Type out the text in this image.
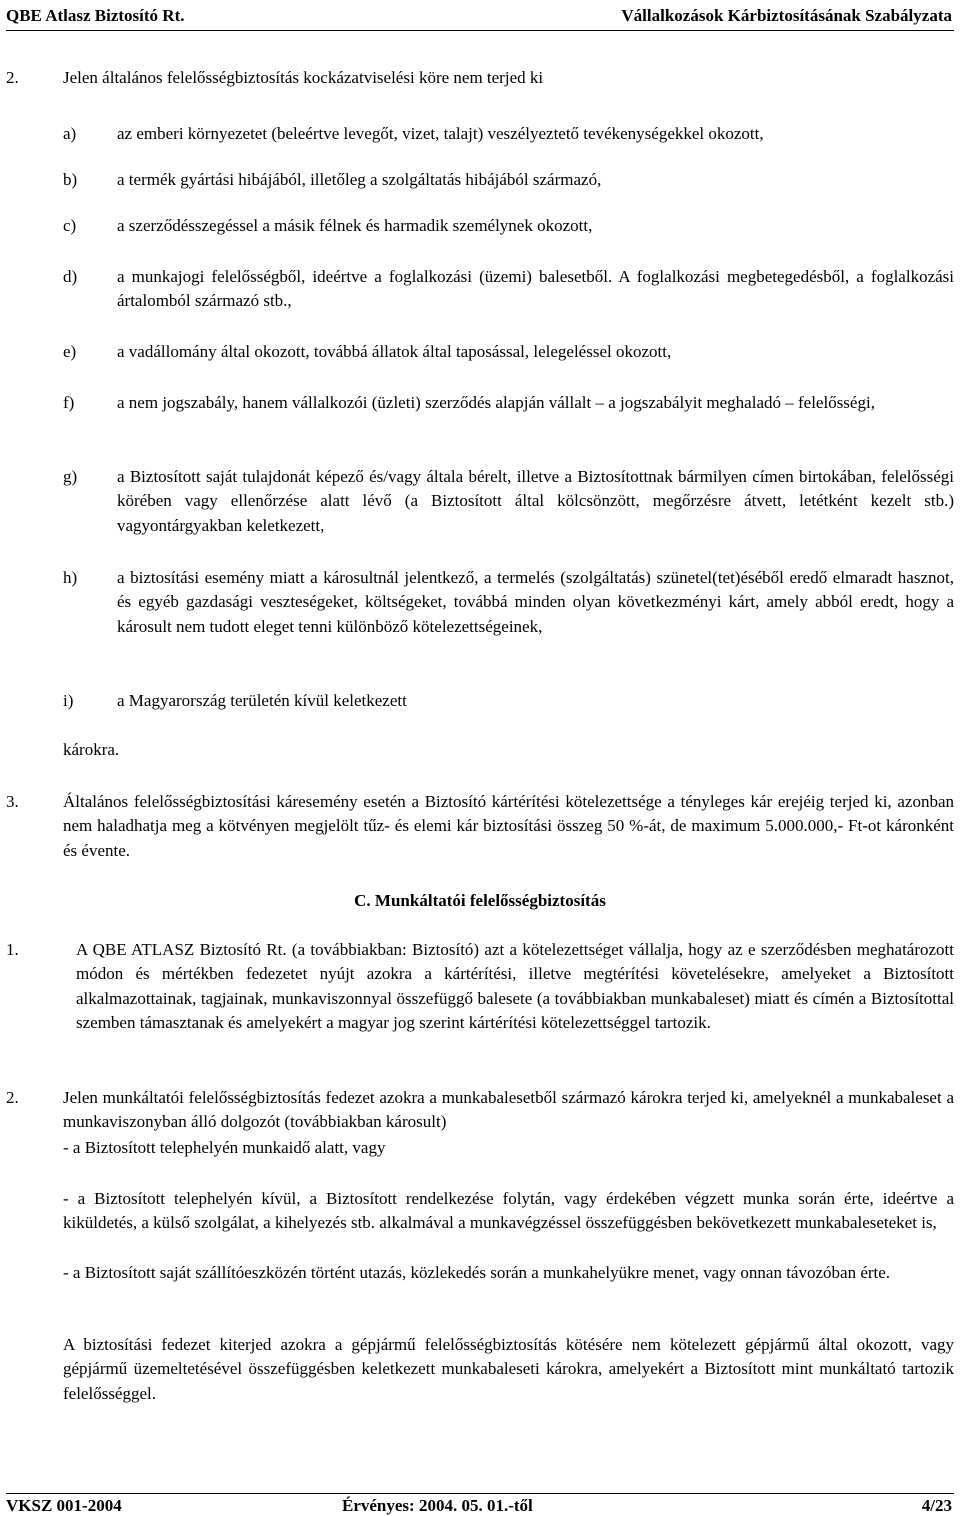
QBE Atlasz Biztosító Rt.	Vállalkozások Kárbiztosításának Szabályzata
2.	Jelen általános felelősségbiztosítás kockázatviselési köre nem terjed ki
a) az emberi környezetet (beleértve levegőt, vizet, talajt) veszélyeztető tevékenységekkel okozott,
b) a termék gyártási hibájából, illetőleg a szolgáltatás hibájából származó,
c) a szerződésszegéssel a másik félnek és harmadik személynek okozott,
d) a munkajogi felelősségből, ideértve a foglalkozási (üzemi) balesetből. A foglalkozási megbetegedésből, a foglalkozási ártalomból származó stb.,
e) a vadállomány által okozott, továbbá állatok által taposással, lelegeléssel okozott,
f)	a nem jogszabály, hanem vállalkozói (üzleti) szerződés alapján vállalt – a jogszabályit meghaladó – felelősségi,
g) a Biztosított saját tulajdonát képező és/vagy általa bérelt, illetve a Biztosítottnak bármilyen címen birtokában, felelősségi körében vagy ellenőrzése alatt lévő (a Biztosított által kölcsönzött, megőrzésre átvett, letétként kezelt stb.) vagyontárgyakban keletkezett,
h) a biztosítási esemény miatt a károsultnál jelentkező, a termelés (szolgáltatás) szünetel(tet)éséből eredő elmaradt hasznot, és egyéb gazdasági veszteségeket, költségeket, továbbá minden olyan következményi kárt, amely abból eredt, hogy a károsult nem tudott eleget tenni különböző kötelezettségeinek,
i)	a Magyarország területén kívül keletkezett
károkra.
3.	Általános felelősségbiztosítási káresemény esetén a Biztosító kártérítési kötelezettsége a tényleges kár erejéig terjed ki, azonban nem haladhatja meg a kötvényen megjelölt tűz- és elemi kár biztosítási összeg 50 %-át, de maximum 5.000.000,- Ft-ot káronként és évente.
C. Munkáltatói felelősségbiztosítás
1.	A QBE ATLASZ Biztosító Rt. (a továbbiakban: Biztosító) azt a kötelezettséget vállalja, hogy az e szerződésben meghatározott módon és mértékben fedezetet nyújt azokra a kártérítési, illetve megtérítési követelésekre, amelyeket a Biztosított alkalmazottainak, tagjainak, munkaviszonnyal összefüggő balesete (a továbbiakban munkabaleset) miatt és címén a Biztosítottal szemben támasztanak és amelyekért a magyar jog szerint kártérítési kötelezettséggel tartozik.
2.	Jelen munkáltatói felelősségbiztosítás fedezet azokra a munkabalesetből származó károkra terjed ki, amelyeknél a munkabaleset a munkaviszonyban álló dolgozót (továbbiakban károsult)
- a Biztosított telephelyén munkaidő alatt, vagy
- a Biztosított telephelyén kívül, a Biztosított rendelkezése folytán, vagy érdekében végzett munka során érte, ideértve a kiküldetés, a külső szolgálat, a kihelyezés stb. alkalmával a munkavégzéssel összefüggésben bekövetkezett munkabaleseteket is,
- a Biztosított saját szállítóeszközén történt utazás, közlekedés során a munkahelyükre menet, vagy onnan távozóban érte.
A biztosítási fedezet kiterjed azokra a gépjármű felelősségbiztosítás kötésére nem kötelezett gépjármű által okozott, vagy gépjármű üzemeltetésével összefüggésben keletkezett munkabaleseti károkra, amelyekért a Biztosított mint munkáltató tartozik felelősséggel.
VKSZ 001-2004	Érvényes: 2004. 05. 01.-től	4/23
